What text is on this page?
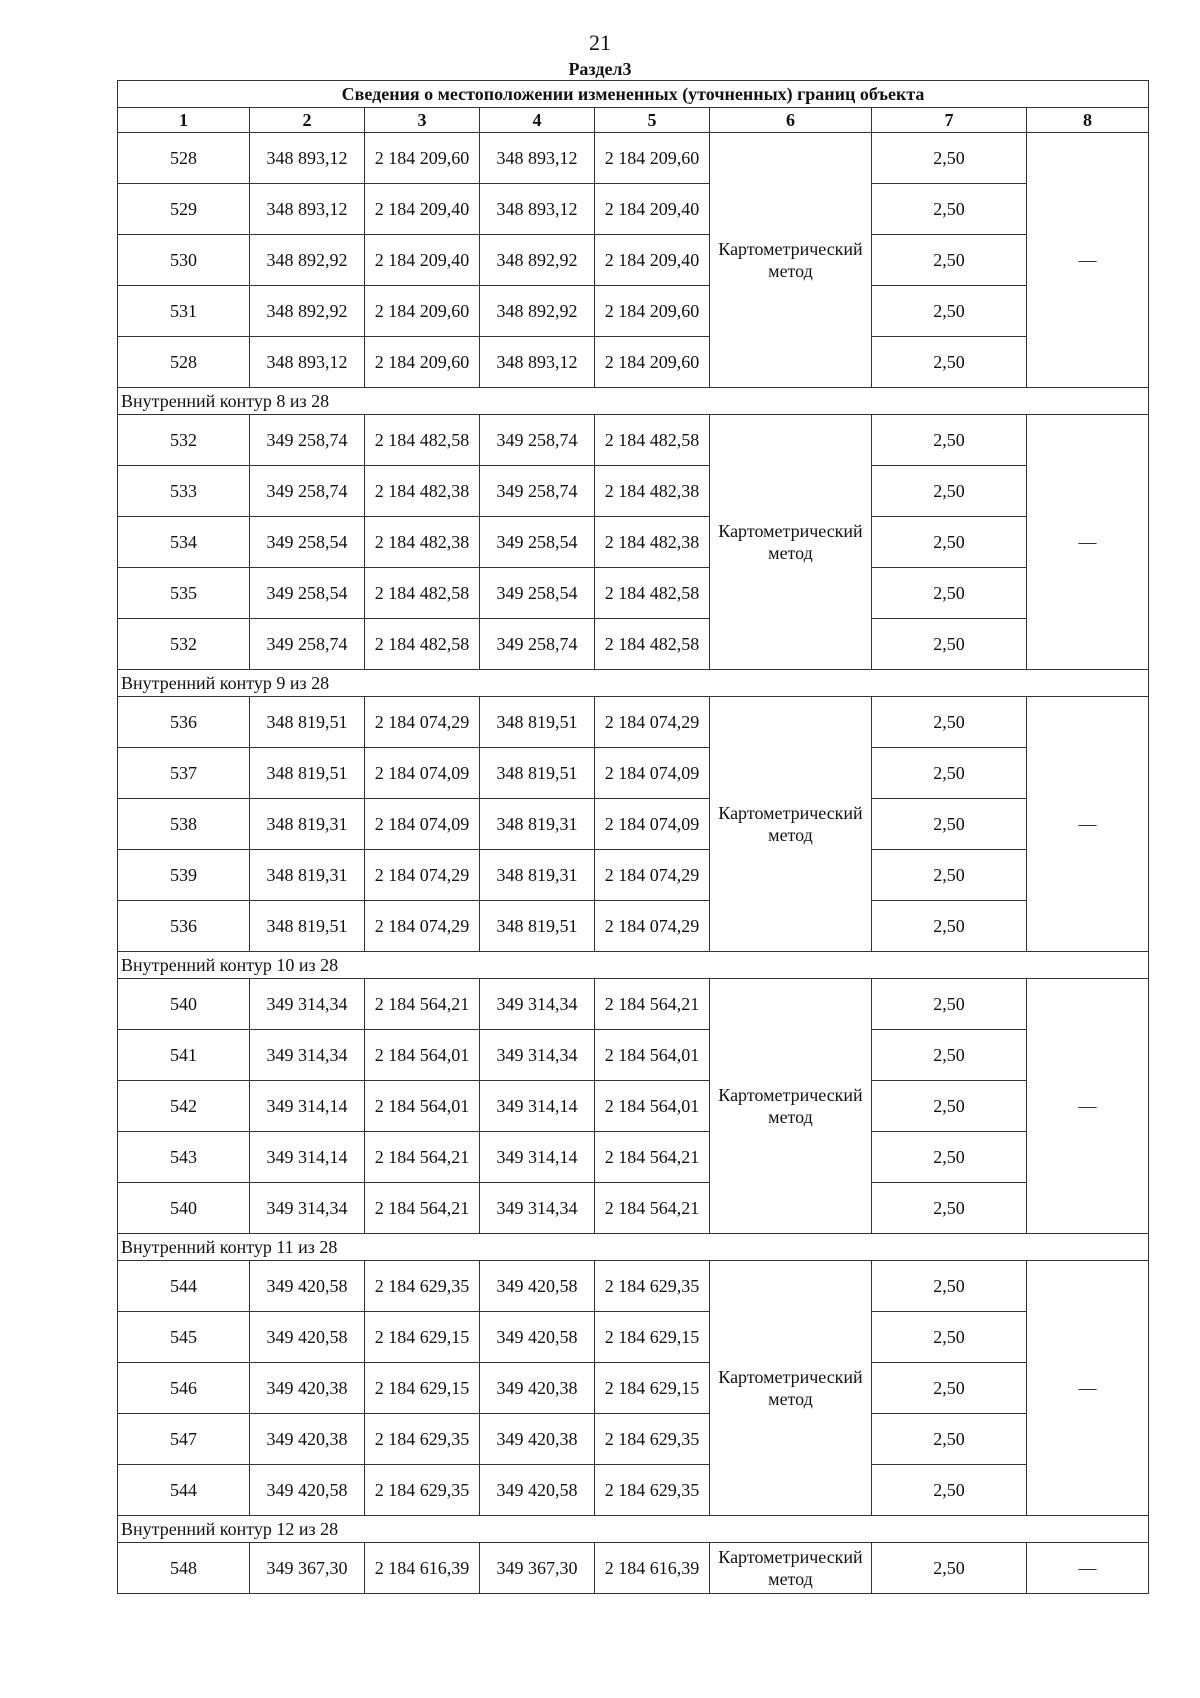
21
Раздел3
Сведения о местоположении измененных (уточненных) границ объекта							
1	2	3	4	5	6	7	8
528	348 893,12	2 184 209,60	348 893,12	2 184 209,60	Картометрический метод	2,50	—
529	348 893,12	2 184 209,40	348 893,12	2 184 209,40		2,50	
530	348 892,92	2 184 209,40	348 892,92	2 184 209,40		2,50	
531	348 892,92	2 184 209,60	348 892,92	2 184 209,60		2,50	
528	348 893,12	2 184 209,60	348 893,12	2 184 209,60		2,50	
Внутренний контур 8 из 28							
532	349 258,74	2 184 482,58	349 258,74	2 184 482,58	Картометрический метод	2,50	—
533	349 258,74	2 184 482,38	349 258,74	2 184 482,38		2,50	
534	349 258,54	2 184 482,38	349 258,54	2 184 482,38		2,50	
535	349 258,54	2 184 482,58	349 258,54	2 184 482,58		2,50	
532	349 258,74	2 184 482,58	349 258,74	2 184 482,58		2,50	
Внутренний контур 9 из 28							
536	348 819,51	2 184 074,29	348 819,51	2 184 074,29	Картометрический метод	2,50	—
537	348 819,51	2 184 074,09	348 819,51	2 184 074,09		2,50	
538	348 819,31	2 184 074,09	348 819,31	2 184 074,09		2,50	
539	348 819,31	2 184 074,29	348 819,31	2 184 074,29		2,50	
536	348 819,51	2 184 074,29	348 819,51	2 184 074,29		2,50	
Внутренний контур 10 из 28							
540	349 314,34	2 184 564,21	349 314,34	2 184 564,21	Картометрический метод	2,50	—
541	349 314,34	2 184 564,01	349 314,34	2 184 564,01		2,50	
542	349 314,14	2 184 564,01	349 314,14	2 184 564,01		2,50	
543	349 314,14	2 184 564,21	349 314,14	2 184 564,21		2,50	
540	349 314,34	2 184 564,21	349 314,34	2 184 564,21		2,50	
Внутренний контур 11 из 28							
544	349 420,58	2 184 629,35	349 420,58	2 184 629,35	Картометрический метод	2,50	—
545	349 420,58	2 184 629,15	349 420,58	2 184 629,15		2,50	
546	349 420,38	2 184 629,15	349 420,38	2 184 629,15		2,50	
547	349 420,38	2 184 629,35	349 420,38	2 184 629,35		2,50	
544	349 420,58	2 184 629,35	349 420,58	2 184 629,35		2,50	
Внутренний контур 12 из 28							
548	349 367,30	2 184 616,39	349 367,30	2 184 616,39	Картометрический метод	2,50	—
